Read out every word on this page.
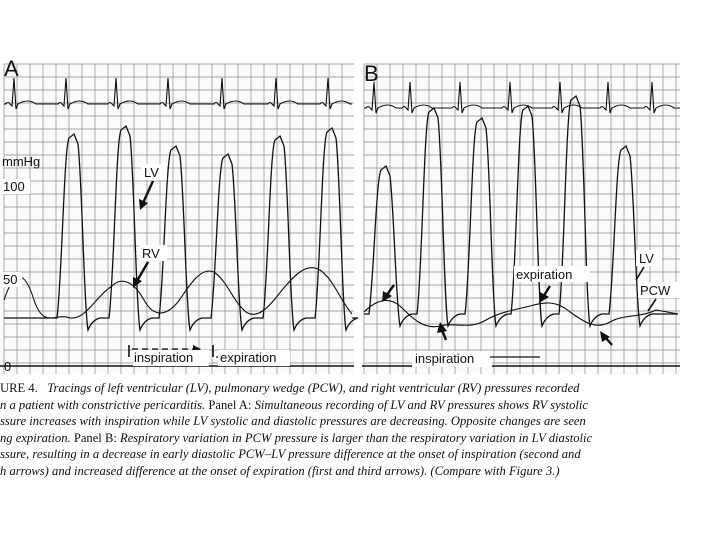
mmHg
100
50
0
LV
RV
inspiration expiration
expiration
LV
PCW
inspiration
A	B
URE 4. Tracings of left ventricular (LV), pulmonary wedge (PCW), and right ventricular (RV) pressures recorded
n a patient with constrictive pericarditis. Panel A: Simultaneous recording of LV and RV pressures shows RV systolic
ssure increases with inspiration while LV systolic and diastolic pressures are decreasing. Opposite changes are seen
ng expiration. Panel B: Respiratory variation in PCW pressure is larger than the respiratory variation in LV diastolic
ssure, resulting in a decrease in early diastolic PCW–LV pressure difference at the onset of inspiration (second and
h arrows) and increased difference at the onset of expiration (first and third arrows). (Compare with Figure 3.)
